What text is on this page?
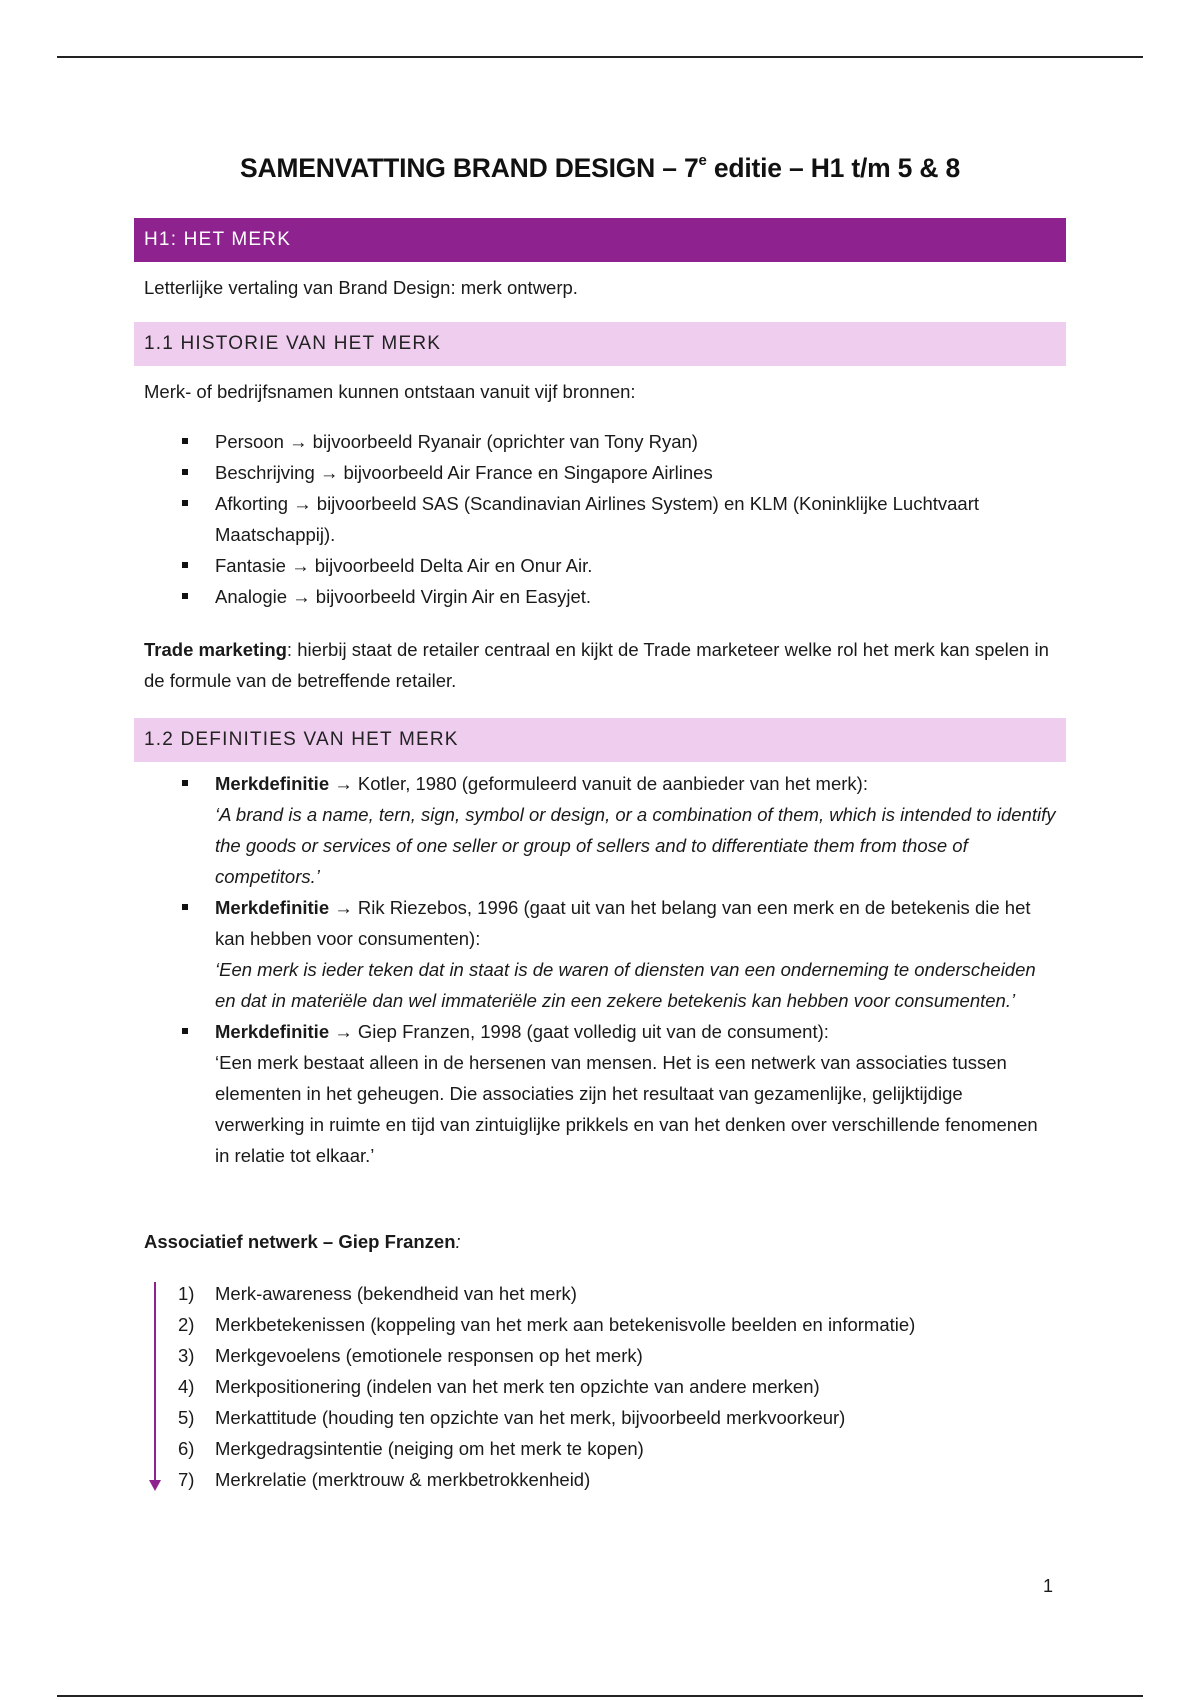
SAMENVATTING BRAND DESIGN – 7e editie – H1 t/m 5 & 8
H1: HET MERK
Letterlijke vertaling van Brand Design: merk ontwerp.
1.1 HISTORIE VAN HET MERK
Merk- of bedrijfsnamen kunnen ontstaan vanuit vijf bronnen:
Persoon → bijvoorbeeld Ryanair (oprichter van Tony Ryan)
Beschrijving → bijvoorbeeld Air France en Singapore Airlines
Afkorting → bijvoorbeeld SAS (Scandinavian Airlines System) en KLM (Koninklijke Luchtvaart Maatschappij).
Fantasie → bijvoorbeeld Delta Air en Onur Air.
Analogie → bijvoorbeeld Virgin Air en Easyjet.
Trade marketing: hierbij staat de retailer centraal en kijkt de Trade marketeer welke rol het merk kan spelen in de formule van de betreffende retailer.
1.2 DEFINITIES VAN HET MERK
Merkdefinitie → Kotler, 1980 (geformuleerd vanuit de aanbieder van het merk):
‘A brand is a name, tern, sign, symbol or design, or a combination of them, which is intended to identify the goods or services of one seller or group of sellers and to differentiate them from those of competitors.’
Merkdefinitie → Rik Riezebos, 1996 (gaat uit van het belang van een merk en de betekenis die het kan hebben voor consumenten):
‘Een merk is ieder teken dat in staat is de waren of diensten van een onderneming te onderscheiden en dat in materiële dan wel immateriële zin een zekere betekenis kan hebben voor consumenten.’
Merkdefinitie → Giep Franzen, 1998 (gaat volledig uit van de consument):
‘Een merk bestaat alleen in de hersenen van mensen. Het is een netwerk van associaties tussen elementen in het geheugen. Die associaties zijn het resultaat van gezamenlijke, gelijktijdige verwerking in ruimte en tijd van zintuiglijke prikkels en van het denken over verschillende fenomenen in relatie tot elkaar.’
Associatief netwerk – Giep Franzen:
1)	Merk-awareness (bekendheid van het merk)
2)	Merkbetekenissen (koppeling van het merk aan betekenisvolle beelden en informatie)
3)	Merkgevoelens (emotionele responsen op het merk)
4)	Merkpositionering (indelen van het merk ten opzichte van andere merken)
5)	Merkattitude (houding ten opzichte van het merk, bijvoorbeeld merkvoorkeur)
6)	Merkgedragsintentie (neiging om het merk te kopen)
7)	Merkrelatie (merktrouw & merkbetrokkenheid)
1
